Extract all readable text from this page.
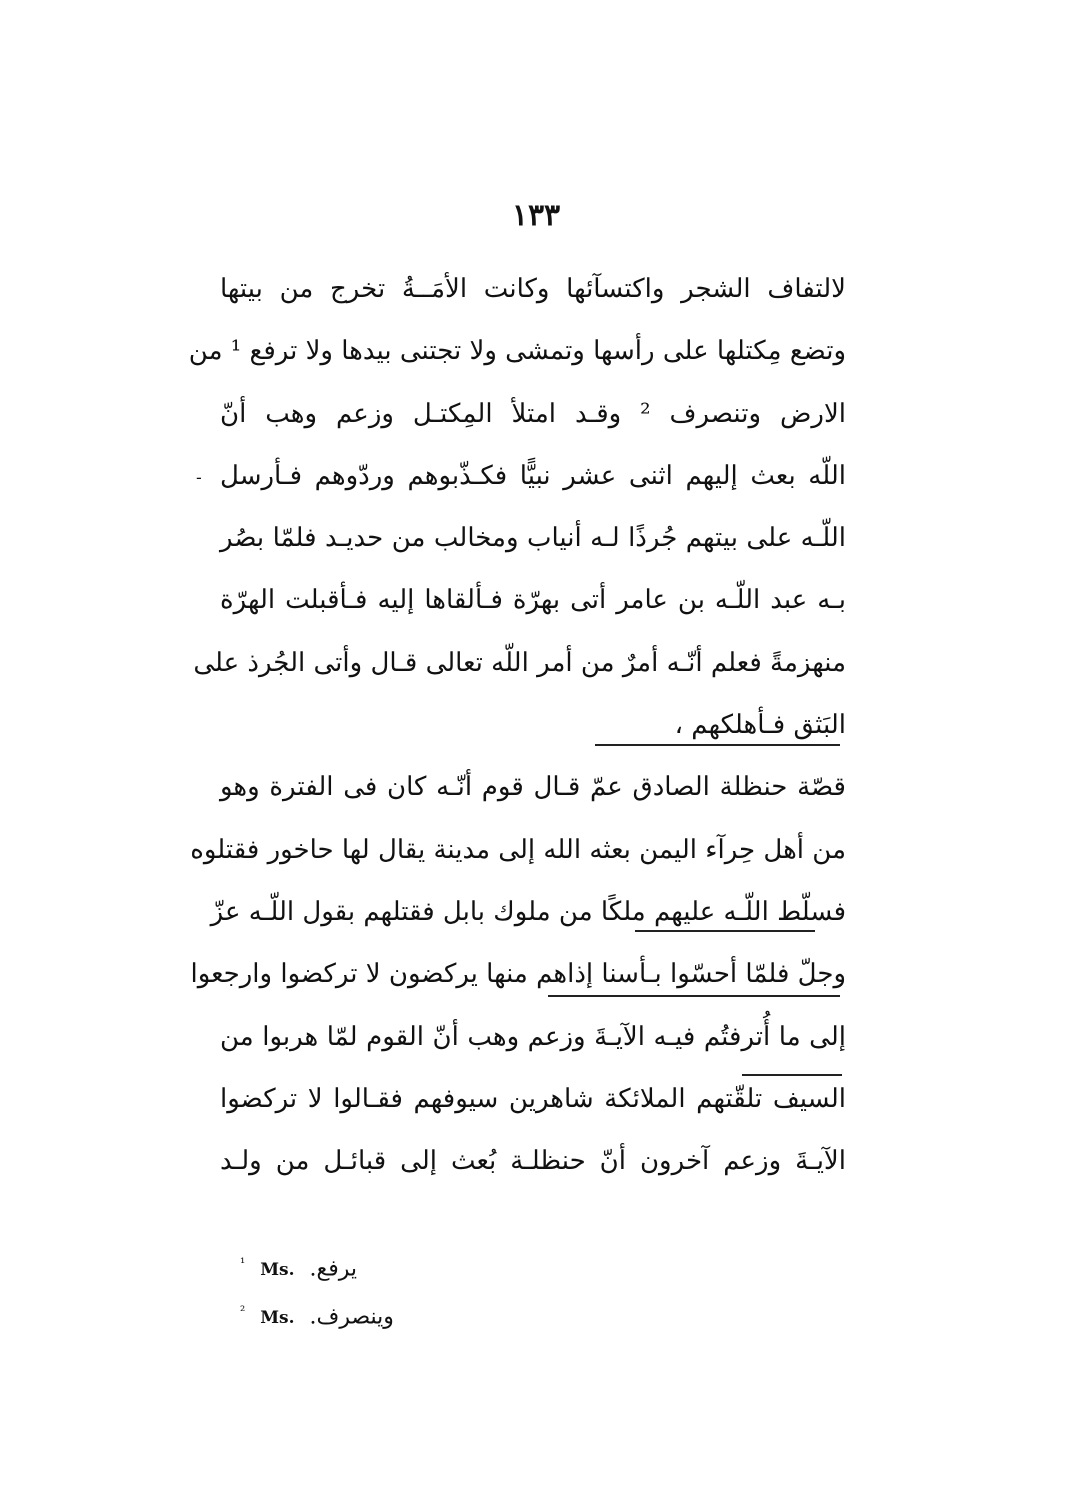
١٣٣
-
لالتفاف الشجر واكتسآئها وكانت الأمَــةُ تخرج من بيتها
وتضع مِكتلها على رأسها وتمشى ولا تجتنى بيدها ولا ترفع ¹ من
الارض وتنصرف ² وقـد امتلأ المِكتـل وزعم وهب أنّ
اللّه بعث إليهم اثنى عشر نبيًّا فكـذّبوهم وردّوهم فـأرسل
اللّـه على بيتهم جُرذًا لـه أنياب ومخالب من حديـد فلمّا بصُر
بـه عبد اللّـه بن عامر أتى بهرّة فـألقاها إليه فـأقبلت الهرّة
منهزمةً فعلم أنّـه أمرٌ من أمر اللّه تعالى قـال وأتى الجُرذ على
البَثق فـأهلكهم ،
قصّة حنظلة الصادق عمّ قـال قوم أنّـه كان فى الفترة وهو
من أهل حِرآء اليمن بعثه الله إلى مدينة يقال لها حاخور فقتلوه
فسلّط اللّـه عليهم ملكًا من ملوك بابل فقتلهم بقول اللّـه عزّ
وجلّ فلمّا أحسّوا بـأسنا إذاهم منها يركضون لا تركضوا وارجعوا
إلى ما أُترفتُم فيـه الآيـةَ وزعم وهب أنّ القوم لمّا هربوا من
السيف تلقّتهم الملائكة شاهرين سيوفهم فقـالوا لا تركضوا
الآيـةَ وزعم آخرون أنّ حنظلـة بُعث إلى قبائـل من ولـد
$^{^1}$ Ms. يرفع.
$^{^2}$ Ms. وينصرف.
